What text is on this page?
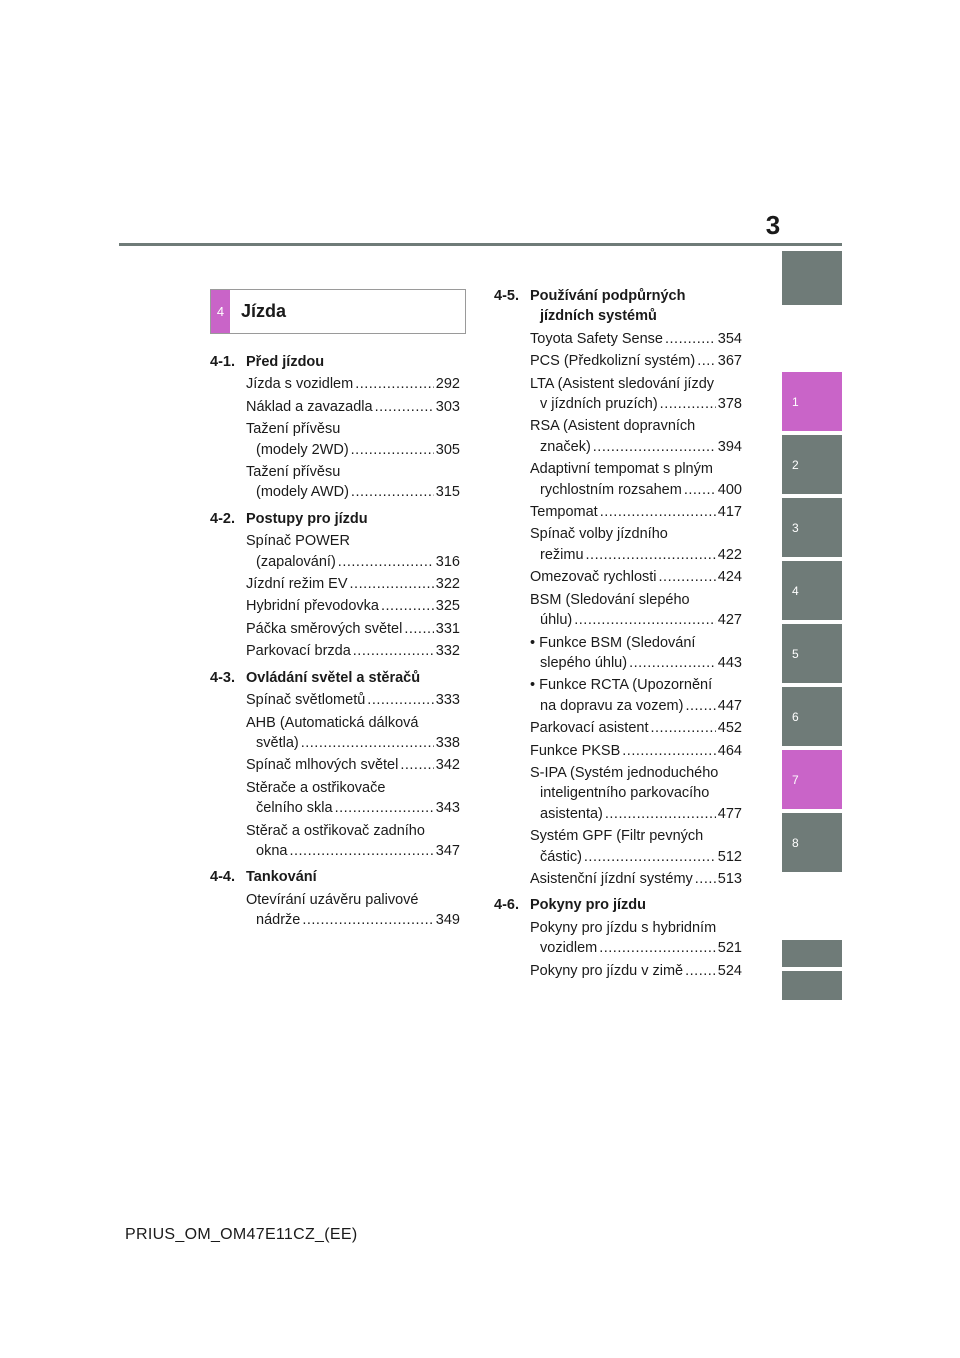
3
1
2
3
4
5
6
7
8
4 Jízda
4-1. Před jízdou
Jízda s vozidlem .....	292
Náklad a zavazadla .....	303
Tažení přívěsu
(modely 2WD) .....	305
Tažení přívěsu
(modely AWD) .....	315
4-2. Postupy pro jízdu
Spínač POWER
(zapalování) .....	316
Jízdní režim EV .....	322
Hybridní převodovka .....	325
Páčka směrových světel ..... 331
Parkovací brzda .....	332
4-3. Ovládání světel a stěračů
Spínač světlometů .....	333
AHB (Automatická dálková
světla) .....	338
Spínač mlhových světel .....	342
Stěrače a ostřikovače
čelního skla .....	343
Stěrač a ostřikovač zadního
okna .....	347
4-4. Tankování
Otevírání uzávěru palivové
nádrže .....	349
4-5. Používání podpůrných
jízdních systémů
Toyota Safety Sense .....	354
PCS (Předkolizní systém) ..... 367
LTA (Asistent sledování jízdy
v jízdních pruzích) .....	378
RSA (Asistent dopravních
značek) .....	394
Adaptivní tempomat s plným
rychlostním rozsahem ..... 400
Tempomat .....	417
Spínač volby jízdního
režimu .....	422
Omezovač rychlosti .....	424
BSM (Sledování slepého
úhlu) .....	427
• Funkce BSM (Sledování
slepého úhlu) .....	443
• Funkce RCTA (Upozornění
na dopravu za vozem) ..... 447
Parkovací asistent .....	452
Funkce PKSB .....	464
S-IPA (Systém jednoduchého
inteligentního parkovacího
asistenta) .....	477
Systém GPF (Filtr pevných
částic) .....	512
Asistenční jízdní systémy ..... 513
4-6. Pokyny pro jízdu
Pokyny pro jízdu s hybridním
vozidlem .....	521
Pokyny pro jízdu v zimě ..... 524
PRIUS_OM_OM47E11CZ_(EE)
